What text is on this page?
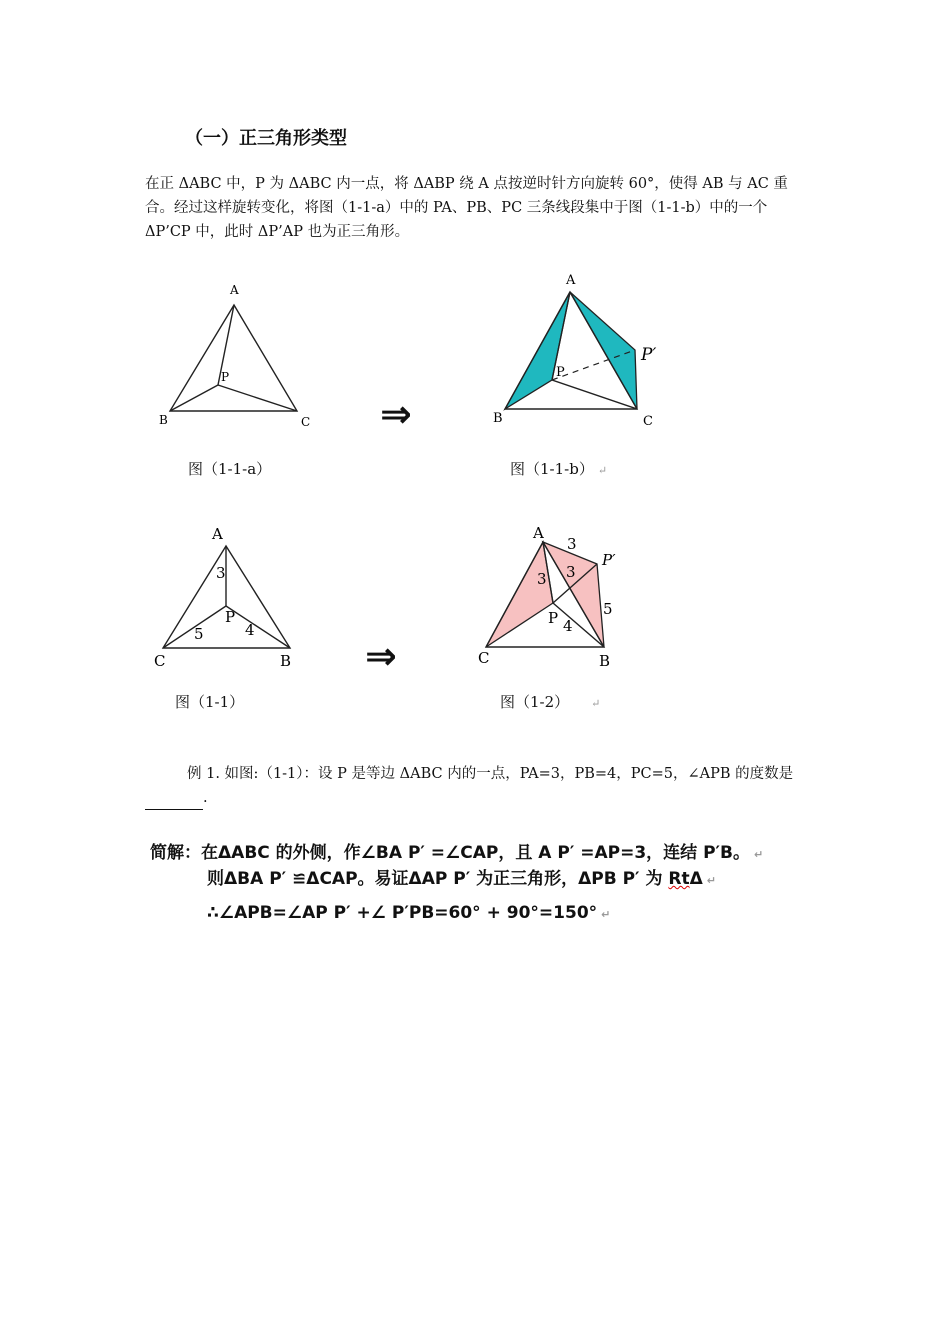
（一）正三角形类型
在正 ΔABC 中，P 为 ΔABC 内一点，将 ΔABP 绕 A 点按逆时针方向旋转 60°，使得 AB 与 AC 重
合。经过这样旋转变化，将图（1-1-a）中的 PA、PB、PC 三条线段集中于图（1-1-b）中的一个
ΔP’CP 中，此时 ΔP’AP 也为正三角形。
A
B	C
P
⇒
A
B	C
P
P′
图（1-1-a）	图（1-1-b） ↵
A
C	B
P
3
5	4
⇒
A
C	B
P
P′
3
3
3
4
5
图（1-1）	图（1-2） ↵
例 1. 如图:（1-1）：设 P 是等边 ΔABC 内的一点，PA=3，PB=4，PC=5，∠APB 的度数是.
简解：在ΔABC 的外侧，作∠BA P′ =∠CAP，且 A P′ =AP=3，连结 P′B。 ↵
则ΔBA P′ ≌ΔCAP。易证ΔAP P′ 为正三角形，ΔPB P′ 为 RtΔ ↵
∴∠APB=∠AP P′ +∠ P′PB=60° + 90°=150° ↵
